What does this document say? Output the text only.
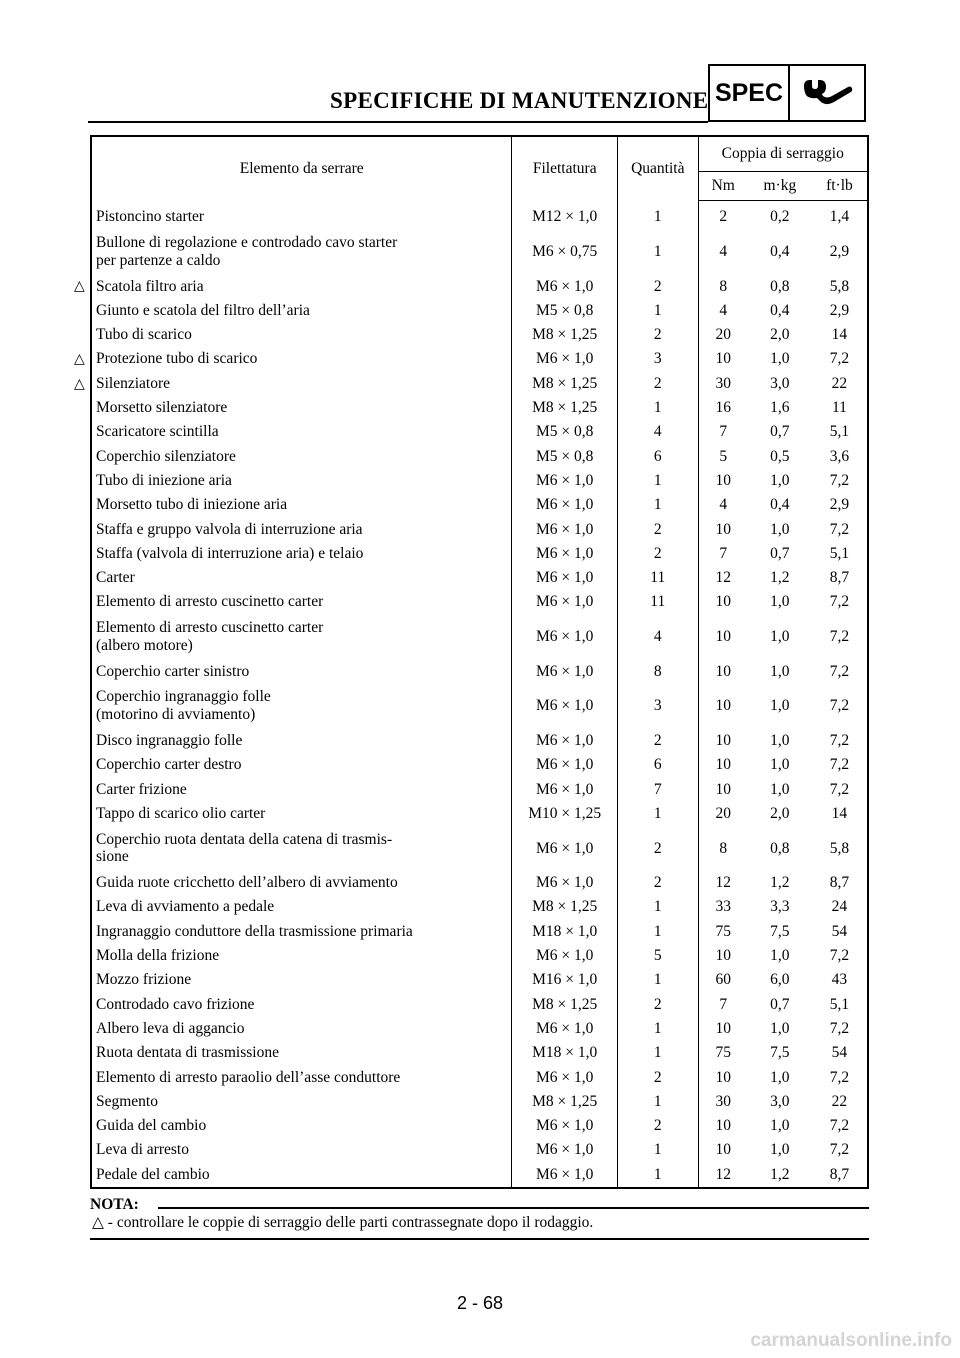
SPECIFICHE DI MANUTENZIONE SPEC
Elemento da serrare	Filettatura	Quantità	Coppia di serraggio		
			Nm	m·kg	ft·lb
Pistoncino starter	M12 × 1,0	1	2	0,2	1,4
Bullone di regolazione e controdado cavo starter
per partenze a caldo	M6 × 0,75	1	4	0,4	2,9
Scatola filtro aria	M6 × 1,0	2	8	0,8	5,8
Giunto e scatola del filtro dell’aria	M5 × 0,8	1	4	0,4	2,9
Tubo di scarico	M8 × 1,25	2	20	2,0	14
Protezione tubo di scarico	M6 × 1,0	3	10	1,0	7,2
Silenziatore	M8 × 1,25	2	30	3,0	22
Morsetto silenziatore	M8 × 1,25	1	16	1,6	11
Scaricatore scintilla	M5 × 0,8	4	7	0,7	5,1
Coperchio silenziatore	M5 × 0,8	6	5	0,5	3,6
Tubo di iniezione aria	M6 × 1,0	1	10	1,0	7,2
Morsetto tubo di iniezione aria	M6 × 1,0	1	4	0,4	2,9
Staffa e gruppo valvola di interruzione aria	M6 × 1,0	2	10	1,0	7,2
Staffa (valvola di interruzione aria) e telaio	M6 × 1,0	2	7	0,7	5,1
Carter	M6 × 1,0	11	12	1,2	8,7
Elemento di arresto cuscinetto carter	M6 × 1,0	11	10	1,0	7,2
Elemento di arresto cuscinetto carter
(albero motore)	M6 × 1,0	4	10	1,0	7,2
Coperchio carter sinistro	M6 × 1,0	8	10	1,0	7,2
Coperchio ingranaggio folle
(motorino di avviamento)	M6 × 1,0	3	10	1,0	7,2
Disco ingranaggio folle	M6 × 1,0	2	10	1,0	7,2
Coperchio carter destro	M6 × 1,0	6	10	1,0	7,2
Carter frizione	M6 × 1,0	7	10	1,0	7,2
Tappo di scarico olio carter	M10 × 1,25	1	20	2,0	14
Coperchio ruota dentata della catena di trasmis-
sione	M6 × 1,0	2	8	0,8	5,8
Guida ruote cricchetto dell’albero di avviamento	M6 × 1,0	2	12	1,2	8,7
Leva di avviamento a pedale	M8 × 1,25	1	33	3,3	24
Ingranaggio conduttore della trasmissione primaria	M18 × 1,0	1	75	7,5	54
Molla della frizione	M6 × 1,0	5	10	1,0	7,2
Mozzo frizione	M16 × 1,0	1	60	6,0	43
Controdado cavo frizione	M8 × 1,25	2	7	0,7	5,1
Albero leva di aggancio	M6 × 1,0	1	10	1,0	7,2
Ruota dentata di trasmissione	M18 × 1,0	1	75	7,5	54
Elemento di arresto paraolio dell’asse conduttore	M6 × 1,0	2	10	1,0	7,2
Segmento	M8 × 1,25	1	30	3,0	22
Guida del cambio	M6 × 1,0	2	10	1,0	7,2
Leva di arresto	M6 × 1,0	1	10	1,0	7,2
Pedale del cambio	M6 × 1,0	1	12	1,2	8,7
NOTA:
△ - controllare le coppie di serraggio delle parti contrassegnate dopo il rodaggio.
2 - 68
carmanualsonline.info
△
△
△
